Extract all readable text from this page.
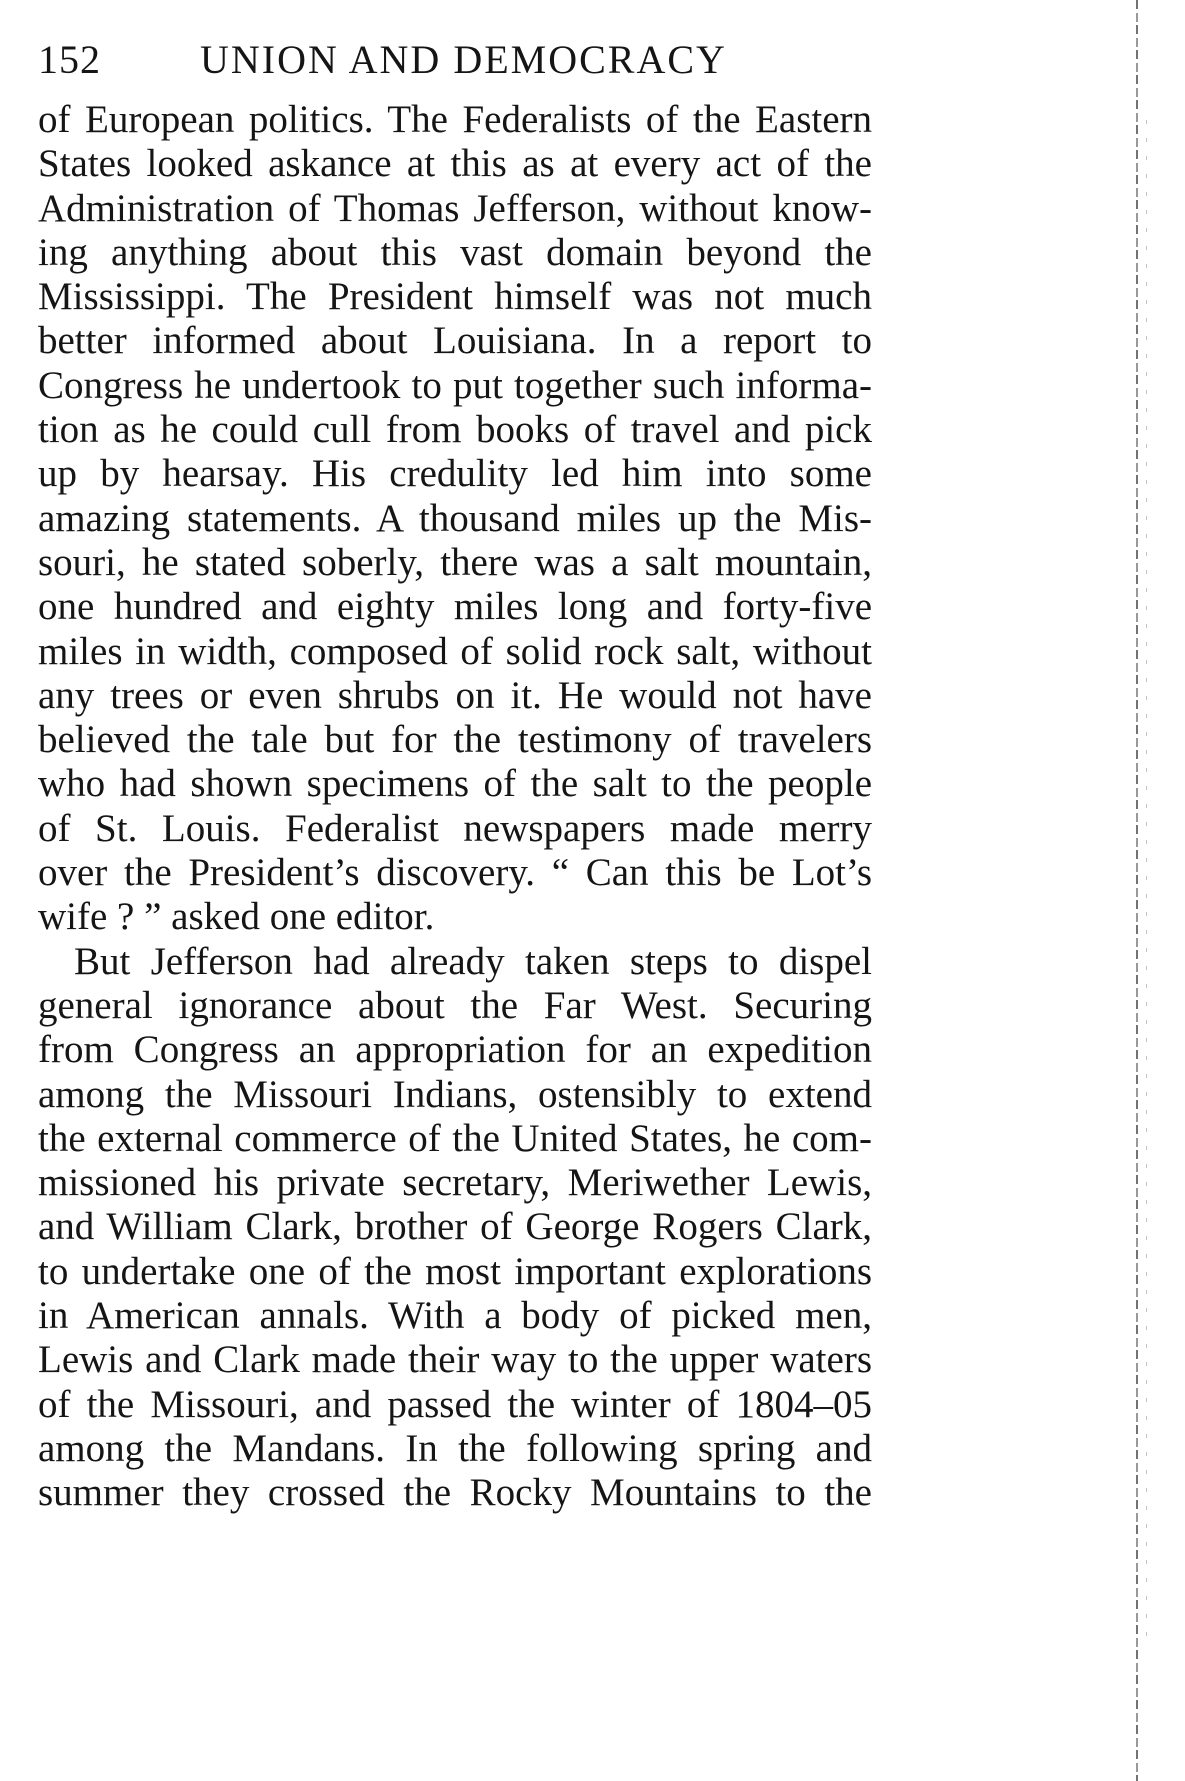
152 UNION AND DEMOCRACY
of European politics. The Federalists of the Eastern
States looked askance at this as at every act of the
Administration of Thomas Jefferson, without know-
ing anything about this vast domain beyond the
Mississippi. The President himself was not much
better informed about Louisiana. In a report to
Congress he undertook to put together such informa-
tion as he could cull from books of travel and pick
up by hearsay. His credulity led him into some
amazing statements. A thousand miles up the Mis-
souri, he stated soberly, there was a salt mountain,
one hundred and eighty miles long and forty-five
miles in width, composed of solid rock salt, without
any trees or even shrubs on it. He would not have
believed the tale but for the testimony of travelers
who had shown specimens of the salt to the people
of St. Louis. Federalist newspapers made merry
over the President’s discovery. “ Can this be Lot’s
wife ? ” asked one editor.
But Jefferson had already taken steps to dispel
general ignorance about the Far West. Securing
from Congress an appropriation for an expedition
among the Missouri Indians, ostensibly to extend
the external commerce of the United States, he com-
missioned his private secretary, Meriwether Lewis,
and William Clark, brother of George Rogers Clark,
to undertake one of the most important explorations
in American annals. With a body of picked men,
Lewis and Clark made their way to the upper waters
of the Missouri, and passed the winter of 1804–05
among the Mandans. In the following spring and
summer they crossed the Rocky Mountains to the
